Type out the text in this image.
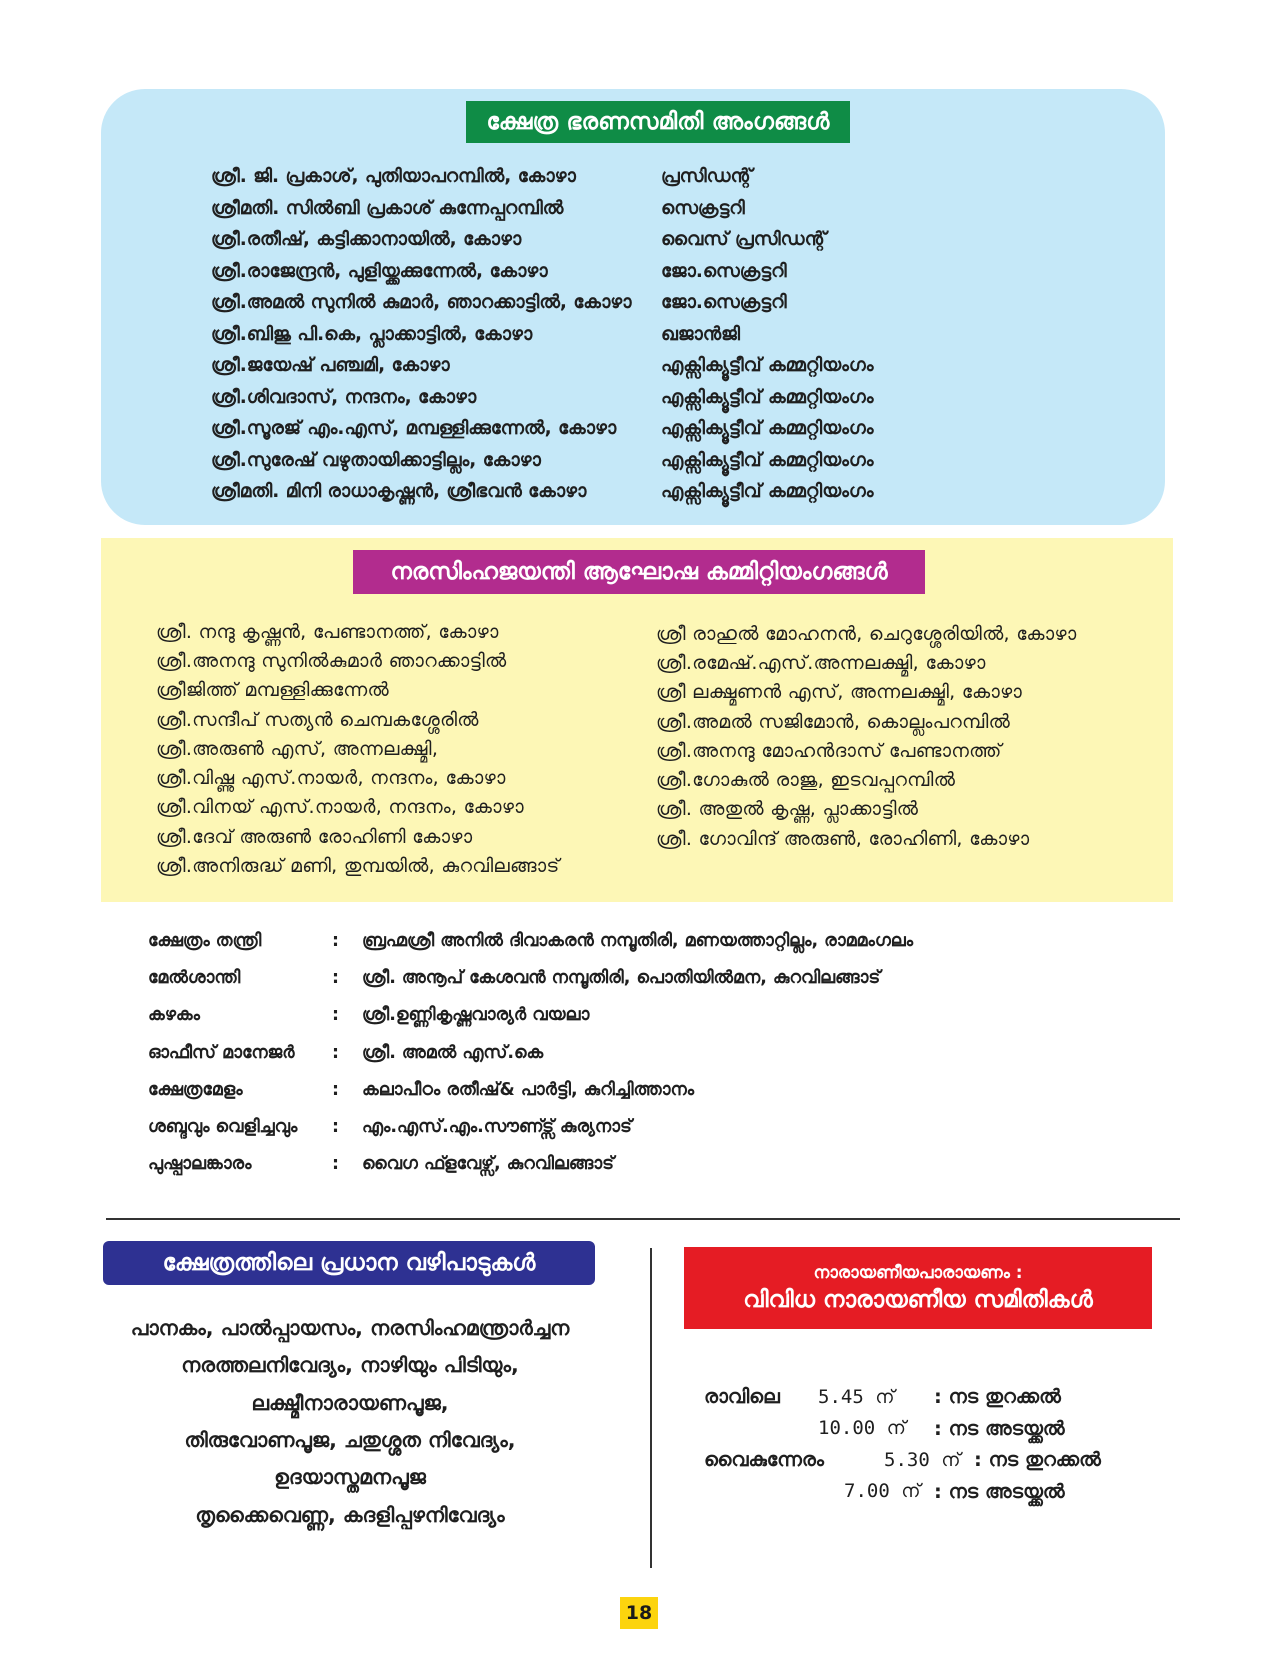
ക്ഷേത്ര ഭരണസമിതി അംഗങ്ങൾ
ശ്രീ. ജി. പ്രകാശ്, പുതിയാപറമ്പിൽ, കോഴാ	പ്രസിഡന്റ്
ശ്രീമതി. സിൽബി പ്രകാശ് കുന്നേപ്പറമ്പിൽ	സെക്രട്ടറി
ശ്രീ.രതീഷ്, കട്ടിക്കാനായിൽ, കോഴാ	വൈസ് പ്രസിഡന്റ്
ശ്രീ.രാജേന്ദ്രൻ, പുളിയ്ക്കക്കുന്നേൽ, കോഴാ	ജോ.സെക്രട്ടറി
ശ്രീ.അമൽ സുനിൽ കുമാർ, ഞാറക്കാട്ടിൽ, കോഴാ	ജോ.സെക്രട്ടറി
ശ്രീ.ബിജു പി.കെ, പ്ലാക്കാട്ടിൽ, കോഴാ	ഖജാൻജി
ശ്രീ.ജയേഷ് പഞ്ചമി, കോഴാ	എക്സിക്യൂട്ടീവ് കമ്മറ്റിയംഗം
ശ്രീ.ശിവദാസ്, നന്ദനം, കോഴാ	എക്സിക്യൂട്ടീവ് കമ്മറ്റിയംഗം
ശ്രീ.സൂരജ് എം.എസ്, മമ്പള്ളിക്കുന്നേൽ, കോഴാ	എക്സിക്യൂട്ടീവ് കമ്മറ്റിയംഗം
ശ്രീ.സുരേഷ് വഴുതായിക്കാട്ടില്ലം, കോഴാ	എക്സിക്യൂട്ടീവ് കമ്മറ്റിയംഗം
ശ്രീമതി. മിനി രാധാകൃഷ്ണൻ, ശ്രീഭവൻ കോഴാ	എക്സിക്യൂട്ടീവ് കമ്മറ്റിയംഗം
നരസിംഹജയന്തി ആഘോഷ കമ്മിറ്റിയംഗങ്ങൾ
ശ്രീ. നന്ദു കൃഷ്ണൻ, പേണ്ടാനത്ത്, കോഴാ
ശ്രീ.അനന്ദു സുനിൽകുമാർ ഞാറക്കാട്ടിൽ
ശ്രീജിത്ത് മമ്പള്ളിക്കുന്നേൽ
ശ്രീ.സന്ദീപ് സത്യൻ ചെമ്പകശ്ശേരിൽ
ശ്രീ.അരുൺ എസ്, അന്നലക്ഷ്മി,
ശ്രീ.വിഷ്ണു എസ്.നായർ, നന്ദനം, കോഴാ
ശ്രീ.വിനയ് എസ്.നായർ, നന്ദനം, കോഴാ
ശ്രീ.ദേവ് അരുൺ രോഹിണി കോഴാ
ശ്രീ.അനിരുദ്ധ് മണി, തുമ്പയിൽ, കുറവിലങ്ങാട്
ശ്രീ രാഹുൽ മോഹനൻ, ചെറുശ്ശേരിയിൽ, കോഴാ
ശ്രീ.രമേഷ്.എസ്.അന്നലക്ഷ്മി, കോഴാ
ശ്രീ ലക്ഷ്മണൻ എസ്, അന്നലക്ഷ്മി, കോഴാ
ശ്രീ.അമൽ സജിമോൻ, കൊല്ലംപറമ്പിൽ
ശ്രീ.അനന്ദു മോഹൻദാസ് പേണ്ടാനത്ത്
ശ്രീ.ഗോകുൽ രാജു, ഇടവപ്പറമ്പിൽ
ശ്രീ. അതുൽ കൃഷ്ണ, പ്ലാക്കാട്ടിൽ
ശ്രീ. ഗോവിന്ദ് അരുൺ, രോഹിണി, കോഴാ
ക്ഷേത്രം തന്ത്രി	:	ബ്രഹ്മശ്രീ അനിൽ ദിവാകരൻ നമ്പൂതിരി, മണയത്താറ്റില്ലം, രാമമംഗലം
മേൽശാന്തി	:	ശ്രീ. അനൂപ് കേശവൻ നമ്പൂതിരി, പൊതിയിൽമന, കുറവിലങ്ങാട്
കഴകം	:	ശ്രീ.ഉണ്ണികൃഷ്ണവാര്യർ വയലാ
ഓഫീസ് മാനേജർ	:	ശ്രീ. അമൽ എസ്.കെ
ക്ഷേത്രമേളം	:	കലാപീഠം രതീഷ്& പാർട്ടി, കുറിച്ചിത്താനം
ശബ്ദവും വെളിച്ചവും	:	എം.എസ്.എം.സൗണ്ട്സ് കുര്യനാട്
പുഷ്പാലങ്കാരം	:	വൈഗ ഫ്ളവേഴ്സ്, കുറവിലങ്ങാട്
ക്ഷേത്രത്തിലെ പ്രധാന വഴിപാടുകൾ
പാനകം, പാൽപ്പായസം, നരസിംഹമന്ത്രാർച്ചന
നരത്തലനിവേദ്യം, നാഴിയും പിടിയും,
ലക്ഷ്മീനാരായണപൂജ,
തിരുവോണപൂജ, ചതുശ്ശത നിവേദ്യം,
ഉദയാസ്തമനപൂജ
തൃക്കൈവെണ്ണ, കദളിപ്പഴനിവേദ്യം
നാരായണീയപാരായണം :
വിവിധ നാരായണീയ സമിതികൾ
രാവിലെ	5.45 ന്	: നട തുറക്കൽ
10.00 ന്	: നട അടയ്ക്കൽ
വൈകുന്നേരം	5.30 ന് : നട തുറക്കൽ
7.00 ന് : നട അടയ്ക്കൽ
18
